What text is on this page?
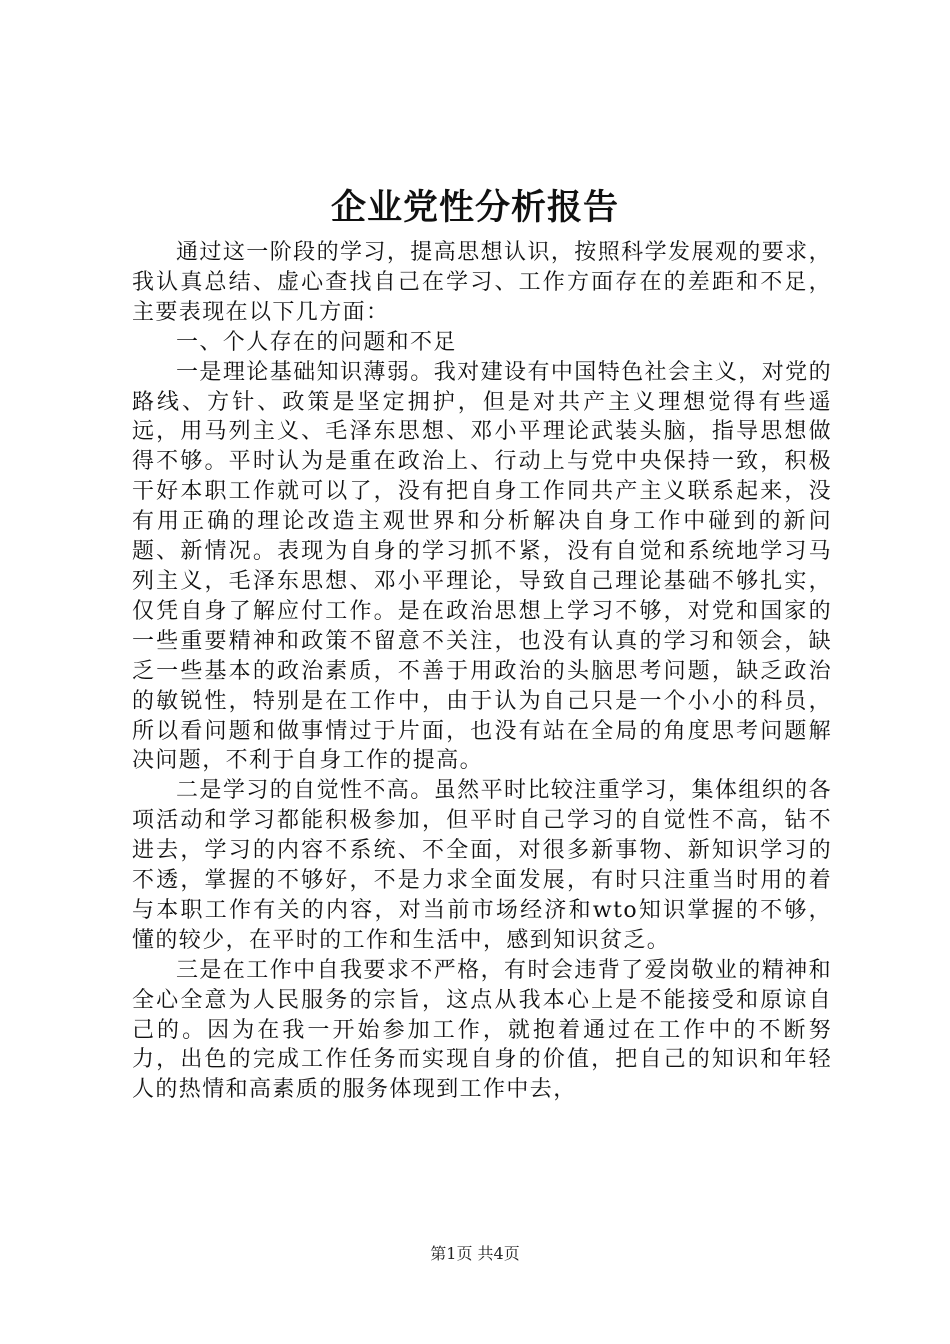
企业党性分析报告

通过这一阶段的学习，提高思想认识，按照科学发展观的要求，我认真总结、虚心查找自己在学习、工作方面存在的差距和不足，主要表现在以下几方面：

一、个人存在的问题和不足

一是理论基础知识薄弱。我对建设有中国特色社会主义，对党的路线、方针、政策是坚定拥护，但是对共产主义理想觉得有些遥远，用马列主义、毛泽东思想、邓小平理论武装头脑，指导思想做得不够。平时认为是重在政治上、行动上与党中央保持一致，积极干好本职工作就可以了，没有把自身工作同共产主义联系起来，没有用正确的理论改造主观世界和分析解决自身工作中碰到的新问题、新情况。表现为自身的学习抓不紧，没有自觉和系统地学习马列主义，毛泽东思想、邓小平理论，导致自己理论基础不够扎实，仅凭自身了解应付工作。是在政治思想上学习不够，对党和国家的一些重要精神和政策不留意不关注，也没有认真的学习和领会，缺乏一些基本的政治素质，不善于用政治的头脑思考问题，缺乏政治的敏锐性，特别是在工作中，由于认为自己只是一个小小的科员，所以看问题和做事情过于片面，也没有站在全局的角度思考问题解决问题，不利于自身工作的提高。

二是学习的自觉性不高。虽然平时比较注重学习，集体组织的各项活动和学习都能积极参加，但平时自己学习的自觉性不高，钻不进去，学习的内容不系统、不全面，对很多新事物、新知识学习的不透，掌握的不够好，不是力求全面发展，有时只注重当时用的着与本职工作有关的内容，对当前市场经济和wto知识掌握的不够，懂的较少，在平时的工作和生活中，感到知识贫乏。

三是在工作中自我要求不严格，有时会违背了爱岗敬业的精神和全心全意为人民服务的宗旨，这点从我本心上是不能接受和原谅自己的。因为在我一开始参加工作，就抱着通过在工作中的不断努力，出色的完成工作任务而实现自身的价值，把自己的知识和年轻人的热情和高素质的服务体现到工作中去，

第1页 共4页
